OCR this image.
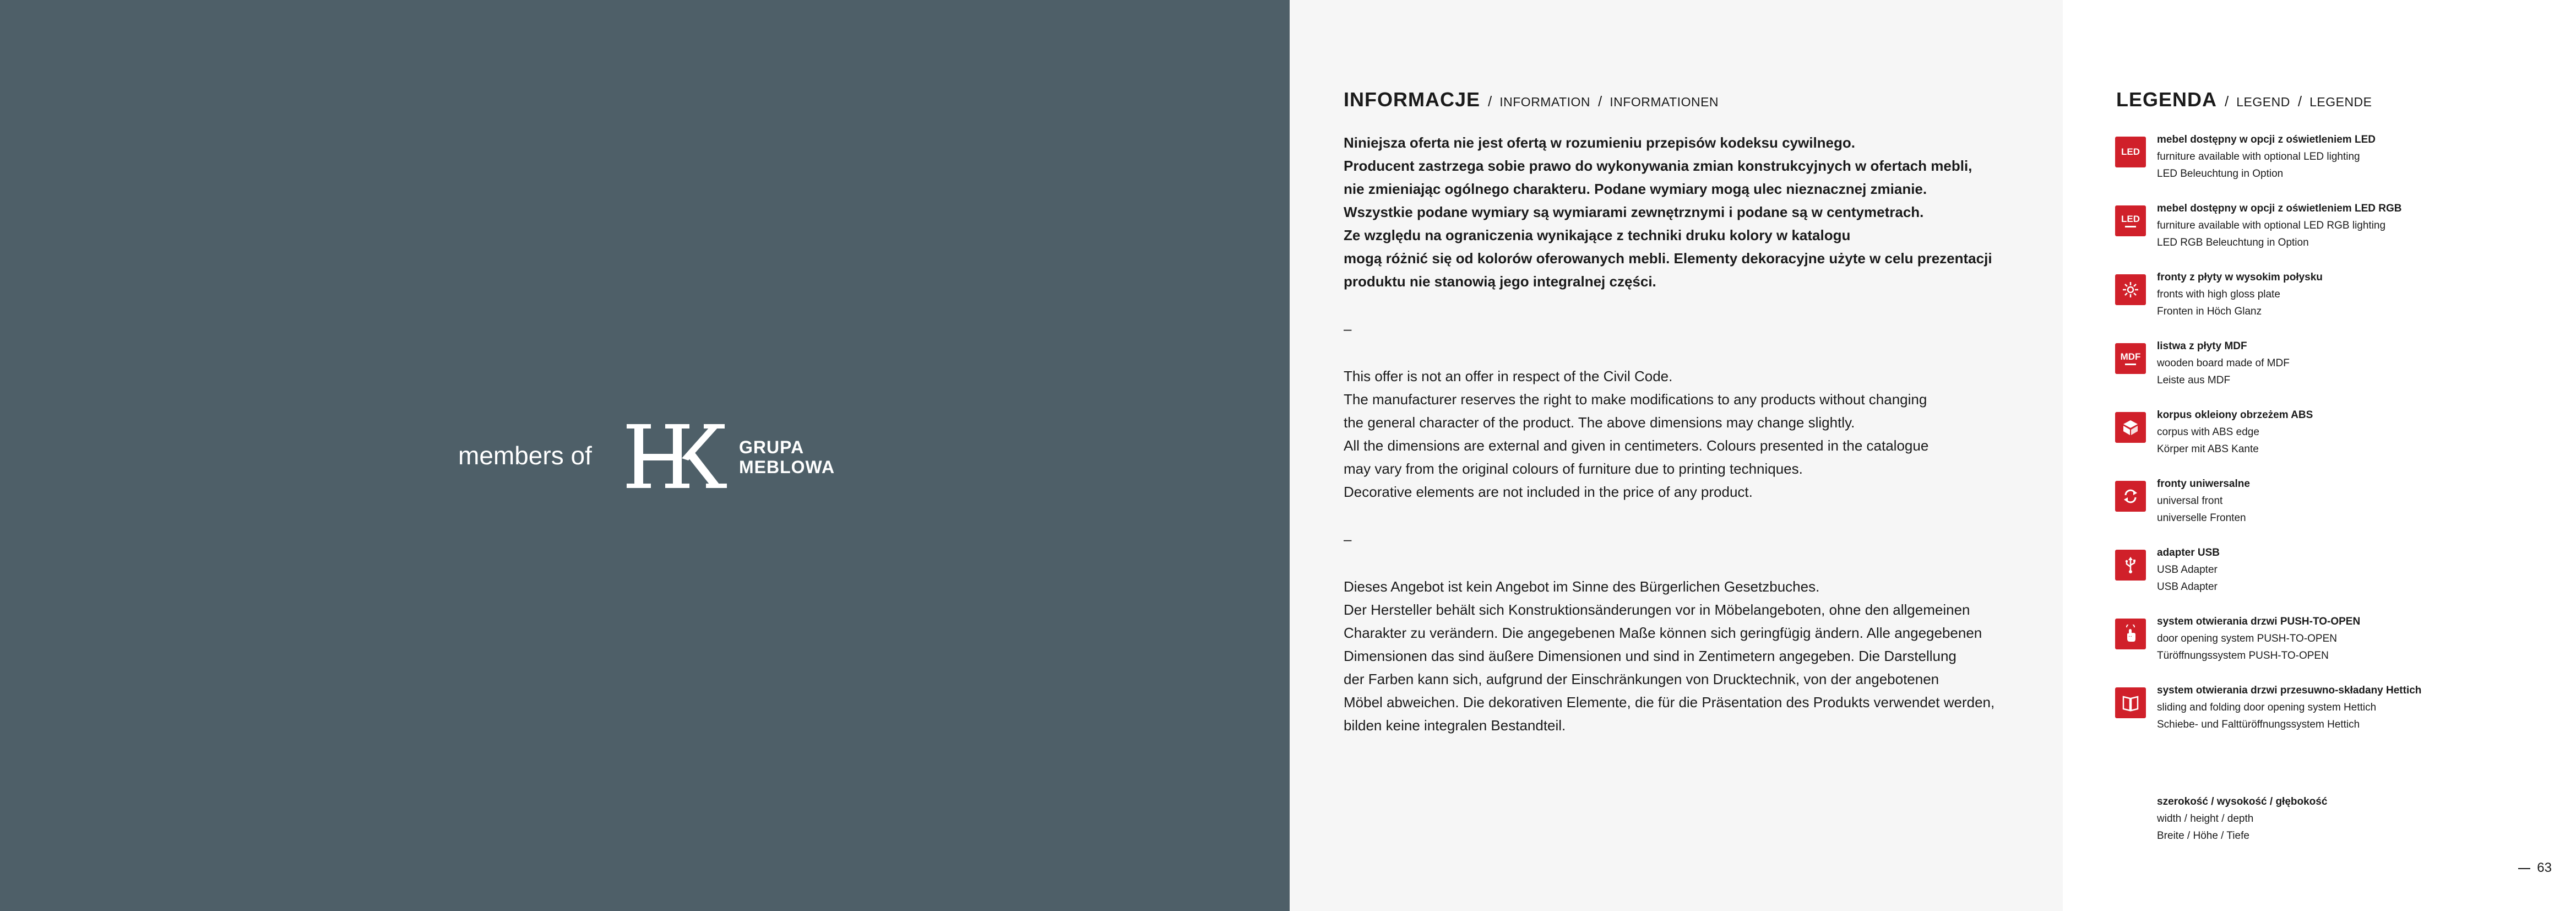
members of	GRUPA
MEBLOWA
INFORMACJE / INFORMATION / INFORMATIONEN
Niniejsza oferta nie jest ofertą w rozumieniu przepisów kodeksu cywilnego.
Producent zastrzega sobie prawo do wykonywania zmian konstrukcyjnych w ofertach mebli,
nie zmieniając ogólnego charakteru. Podane wymiary mogą ulec nieznacznej zmianie.
Wszystkie podane wymiary są wymiarami zewnętrznymi i podane są w centymetrach.
Ze względu na ograniczenia wynikające z techniki druku kolory w katalogu
mogą różnić się od kolorów oferowanych mebli. Elementy dekoracyjne użyte w celu prezentacji
produktu nie stanowią jego integralnej części.
–
This offer is not an offer in respect of the Civil Code.
The manufacturer reserves the right to make modifications to any products without changing
the general character of the product. The above dimensions may change slightly.
All the dimensions are external and given in centimeters. Colours presented in the catalogue
may vary from the original colours of furniture due to printing techniques.
Decorative elements are not included in the price of any product.
–
Dieses Angebot ist kein Angebot im Sinne des Bürgerlichen Gesetzbuches.
Der Hersteller behält sich Konstruktionsänderungen vor in Möbelangeboten, ohne den allgemeinen
Charakter zu verändern. Die angegebenen Maße können sich geringfügig ändern. Alle angegebenen
Dimensionen das sind äußere Dimensionen und sind in Zentimetern angegeben. Die Darstellung
der Farben kann sich, aufgrund der Einschränkungen von Drucktechnik, von der angebotenen
Möbel abweichen. Die dekorativen Elemente, die für die Präsentation des Produkts verwendet werden,
bilden keine integralen Bestandteil.
LEGENDA / LEGEND / LEGENDE
LED
mebel dostępny w opcji z oświetleniem LED
furniture available with optional LED lighting
LED Beleuchtung in Option
LED
mebel dostępny w opcji z oświetleniem LED RGB
furniture available with optional LED RGB lighting
LED RGB Beleuchtung in Option
fronty z płyty w wysokim połysku
fronts with high gloss plate
Fronten in Höch Glanz
MDF
listwa z płyty MDF
wooden board made of MDF
Leiste aus MDF
korpus okleiony obrzeżem ABS
corpus with ABS edge
Körper mit ABS Kante
fronty uniwersalne
universal front
universelle Fronten
adapter USB
USB Adapter
USB Adapter
system otwierania drzwi PUSH-TO-OPEN
door opening system PUSH-TO-OPEN
Türöffnungssystem PUSH-TO-OPEN
system otwierania drzwi przesuwno-składany Hettich
sliding and folding door opening system Hettich
Schiebe- und Falttüröffnungssystem Hettich
szerokość / wysokość / głębokość
width / height / depth
Breite / Höhe / Tiefe
63
